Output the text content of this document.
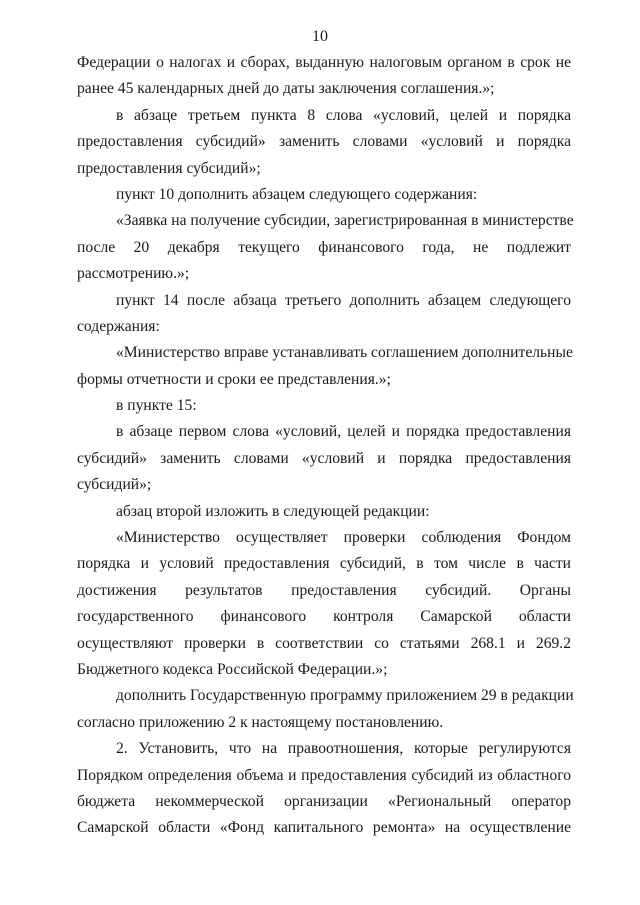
10
Федерации о налогах и сборах, выданную налоговым органом в срок не
ранее 45 календарных дней до даты заключения соглашения.»;
в абзаце третьем пункта 8 слова «условий, целей и порядка
предоставления субсидий» заменить словами «условий и порядка
предоставления субсидий»;
пункт 10 дополнить абзацем следующего содержания:
«Заявка на получение субсидии, зарегистрированная в министерстве
после 20 декабря текущего финансового года, не подлежит
рассмотрению.»;
пункт 14 после абзаца третьего дополнить абзацем следующего
содержания:
«Министерство вправе устанавливать соглашением дополнительные
формы отчетности и сроки ее представления.»;
в пункте 15:
в абзаце первом слова «условий, целей и порядка предоставления
субсидий» заменить словами «условий и порядка предоставления
субсидий»;
абзац второй изложить в следующей редакции:
«Министерство осуществляет проверки соблюдения Фондом
порядка и условий предоставления субсидий, в том числе в части
достижения результатов предоставления субсидий. Органы
государственного финансового контроля Самарской области
осуществляют проверки в соответствии со статьями 268.1 и 269.2
Бюджетного кодекса Российской Федерации.»;
дополнить Государственную программу приложением 29 в редакции
согласно приложению 2 к настоящему постановлению.
2. Установить, что на правоотношения, которые регулируются
Порядком определения объема и предоставления субсидий из областного
бюджета некоммерческой организации «Региональный оператор
Самарской области «Фонд капитального ремонта» на осуществление
